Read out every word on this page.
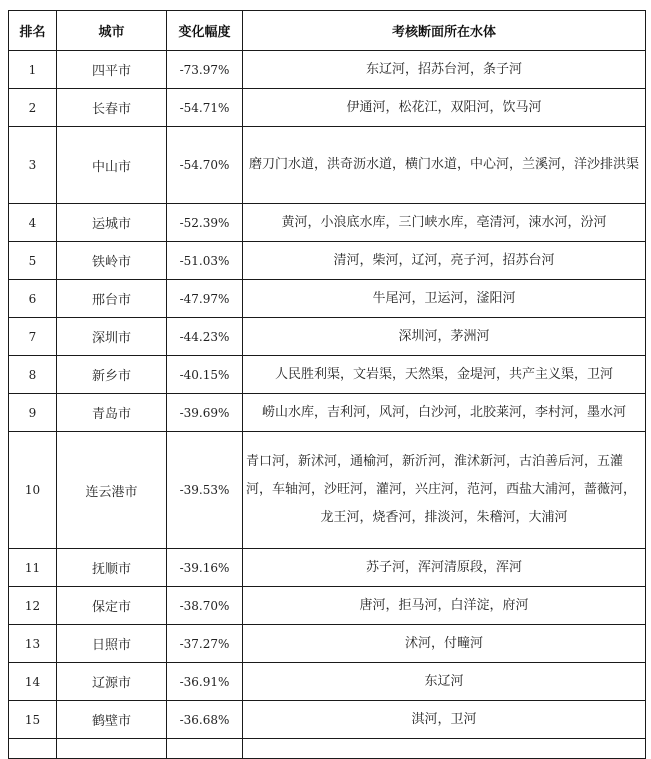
排名	城市	变化幅度	考核断面所在水体
1	四平市	-73.97%	东辽河，招苏台河，条子河
2	长春市	-54.71%	伊通河，松花江，双阳河，饮马河
3	中山市	-54.70%	磨刀门水道，洪奇沥水道，横门水道，中心河，兰溪河，洋沙排洪渠
4	运城市	-52.39%	黄河，小浪底水库，三门峡水库，亳清河，涑水河，汾河
5	铁岭市	-51.03%	清河，柴河，辽河，亮子河，招苏台河
6	邢台市	-47.97%	牛尾河，卫运河，滏阳河
7	深圳市	-44.23%	深圳河，茅洲河
8	新乡市	-40.15%	人民胜利渠，文岩渠，天然渠，金堤河，共产主义渠，卫河
9	青岛市	-39.69%	崂山水库，吉利河，风河，白沙河，北胶莱河，李村河，墨水河
10	连云港市	-39.53%	青口河，新沭河，通榆河，新沂河，淮沭新河，古泊善后河，五灌河，车轴河，沙旺河，灌河，兴庄河，范河，西盐大浦河，蔷薇河，龙王河，烧香河，排淡河，朱稽河，大浦河
11	抚顺市	-39.16%	苏子河，浑河清原段，浑河
12	保定市	-38.70%	唐河，拒马河，白洋淀，府河
13	日照市	-37.27%	沭河，付疃河
14	辽源市	-36.91%	东辽河
15	鹤壁市	-36.68%	淇河，卫河
